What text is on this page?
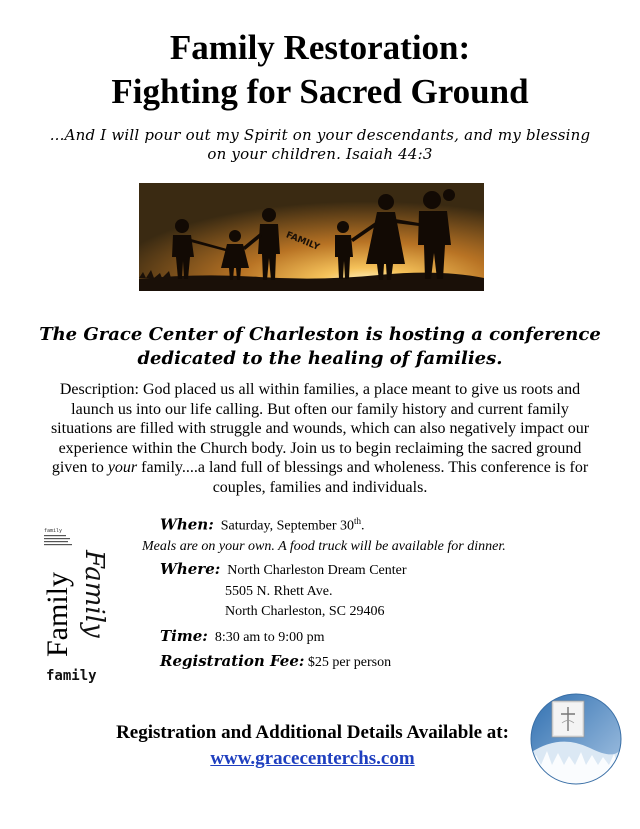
Family Restoration:
Fighting for Sacred Ground
...And I will pour out my Spirit on your descendants, and my blessing
on your children. Isaiah 44:3
FAMILY
The Grace Center of Charleston is hosting a conference
dedicated to the healing of families.
Description: God placed us all within families, a place meant to give us roots and
launch us into our life calling. But often our family history and current family
situations are filled with struggle and wounds, which can also negatively impact our
experience within the Church body. Join us to begin reclaiming the sacred ground
given to your family....a land full of blessings and wholeness. This conference is for
couples, families and individuals.
family
Family Family
family
When: Saturday, September 30th.
Meals are on your own. A food truck will be available for dinner.
Where: North Charleston Dream Center
5505 N. Rhett Ave.
North Charleston, SC 29406
Time: 8:30 am to 9:00 pm
Registration Fee: $25 per person
Registration and Additional Details Available at:
www.gracecenterchs.com
